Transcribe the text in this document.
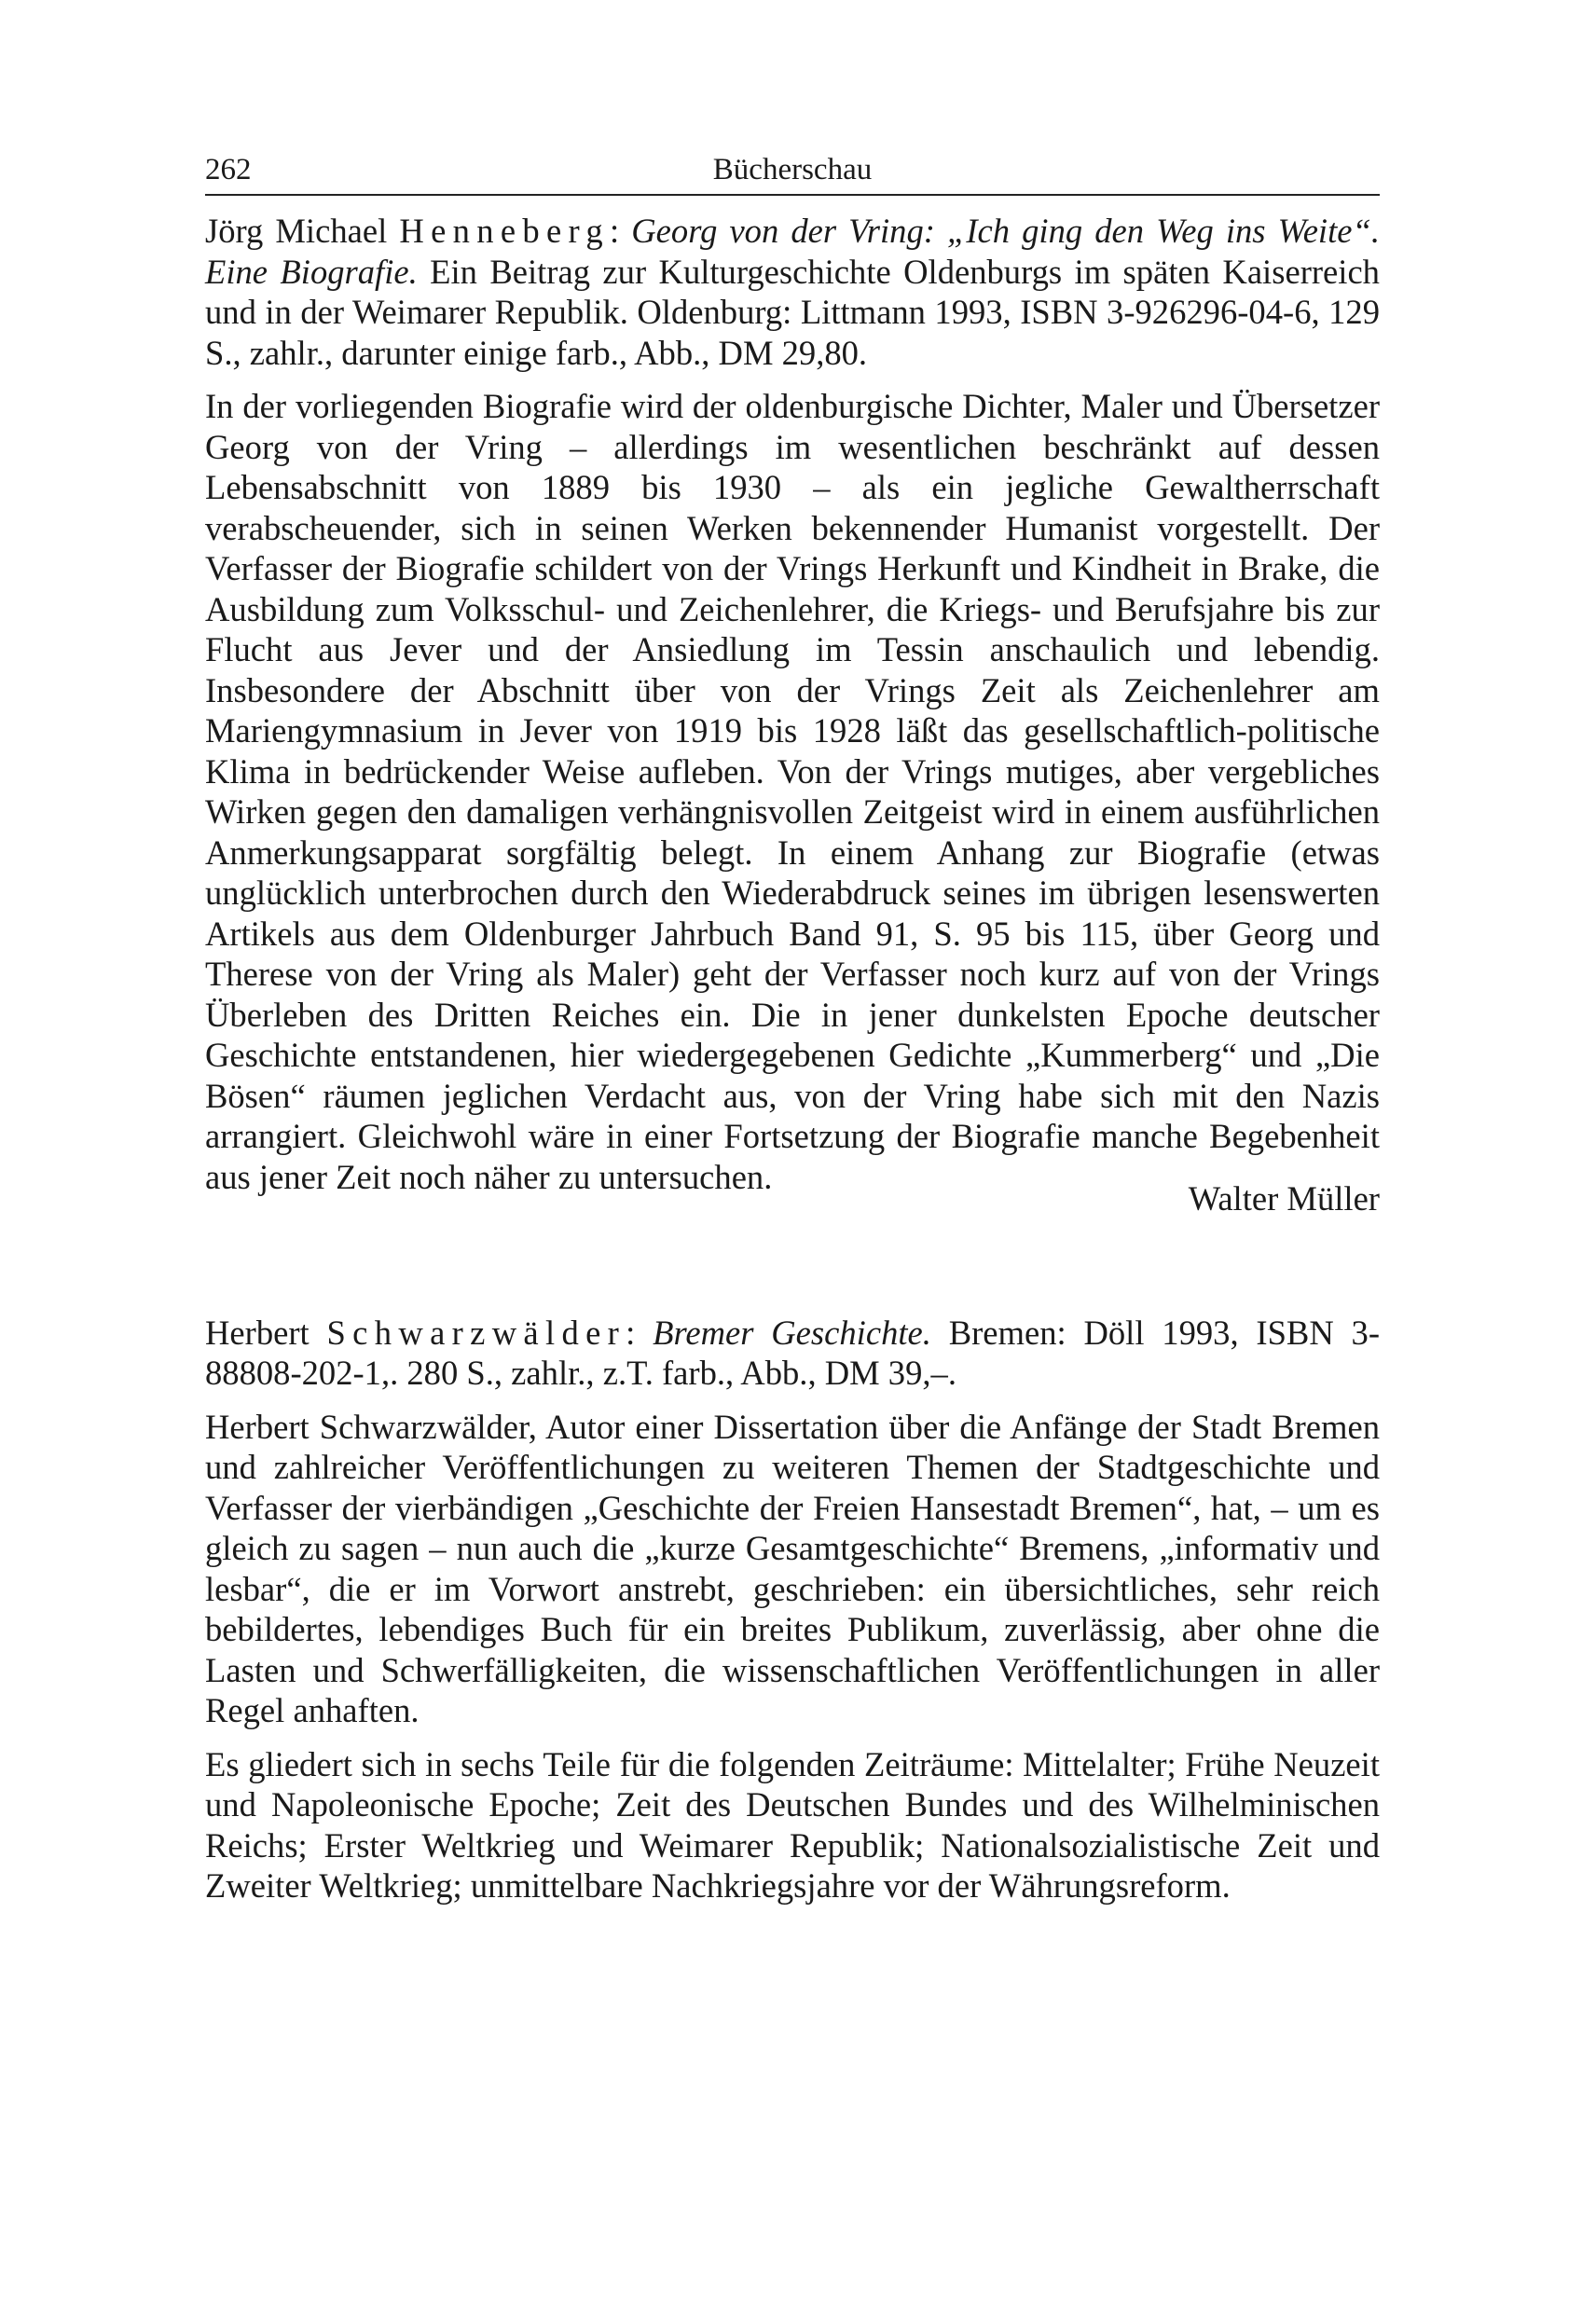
262	Bücherschau

Jörg Michael Henneberg: Georg von der Vring: „Ich ging den Weg ins Weite“. Eine Biografie. Ein Beitrag zur Kulturgeschichte Oldenburgs im späten Kaiserreich und in der Weimarer Republik. Oldenburg: Littmann 1993, ISBN 3-926296-04-6, 129 S., zahlr., darunter einige farb., Abb., DM 29,80.

In der vorliegenden Biografie wird der oldenburgische Dichter, Maler und Übersetzer Georg von der Vring – allerdings im wesentlichen beschränkt auf dessen Lebensabschnitt von 1889 bis 1930 – als ein jegliche Gewaltherrschaft verabscheuender, sich in seinen Werken bekennender Humanist vorgestellt. Der Verfasser der Biografie schildert von der Vrings Herkunft und Kindheit in Brake, die Ausbildung zum Volksschul- und Zeichenlehrer, die Kriegs- und Berufsjahre bis zur Flucht aus Jever und der Ansiedlung im Tessin anschaulich und lebendig. Insbesondere der Abschnitt über von der Vrings Zeit als Zeichenlehrer am Mariengymnasium in Jever von 1919 bis 1928 läßt das gesellschaftlich-politische Klima in bedrückender Weise aufleben. Von der Vrings mutiges, aber vergebliches Wirken gegen den damaligen verhängnisvollen Zeitgeist wird in einem ausführlichen Anmerkungsapparat sorgfältig belegt. In einem Anhang zur Biografie (etwas unglücklich unterbrochen durch den Wiederabdruck seines im übrigen lesenswerten Artikels aus dem Oldenburger Jahrbuch Band 91, S. 95 bis 115, über Georg und Therese von der Vring als Maler) geht der Verfasser noch kurz auf von der Vrings Überleben des Dritten Reiches ein. Die in jener dunkelsten Epoche deutscher Geschichte entstandenen, hier wiedergegebenen Gedichte „Kummerberg“ und „Die Bösen“ räumen jeglichen Verdacht aus, von der Vring habe sich mit den Nazis arrangiert. Gleichwohl wäre in einer Fortsetzung der Biografie manche Begebenheit aus jener Zeit noch näher zu untersuchen.

Walter Müller

Herbert Schwarzwälder: Bremer Geschichte. Bremen: Döll 1993, ISBN 3-88808-202-1,. 280 S., zahlr., z.T. farb., Abb., DM 39,–.

Herbert Schwarzwälder, Autor einer Dissertation über die Anfänge der Stadt Bremen und zahlreicher Veröffentlichungen zu weiteren Themen der Stadtgeschichte und Verfasser der vierbändigen „Geschichte der Freien Hansestadt Bremen“, hat, – um es gleich zu sagen – nun auch die „kurze Gesamtgeschichte“ Bremens, „informativ und lesbar“, die er im Vorwort anstrebt, geschrieben: ein übersichtliches, sehr reich bebildertes, lebendiges Buch für ein breites Publikum, zuverlässig, aber ohne die Lasten und Schwerfälligkeiten, die wissenschaftlichen Veröffentlichungen in aller Regel anhaften.

Es gliedert sich in sechs Teile für die folgenden Zeiträume: Mittelalter; Frühe Neuzeit und Napoleonische Epoche; Zeit des Deutschen Bundes und des Wilhelminischen Reichs; Erster Weltkrieg und Weimarer Republik; Nationalsozialistische Zeit und Zweiter Weltkrieg; unmittelbare Nachkriegsjahre vor der Währungsreform.
